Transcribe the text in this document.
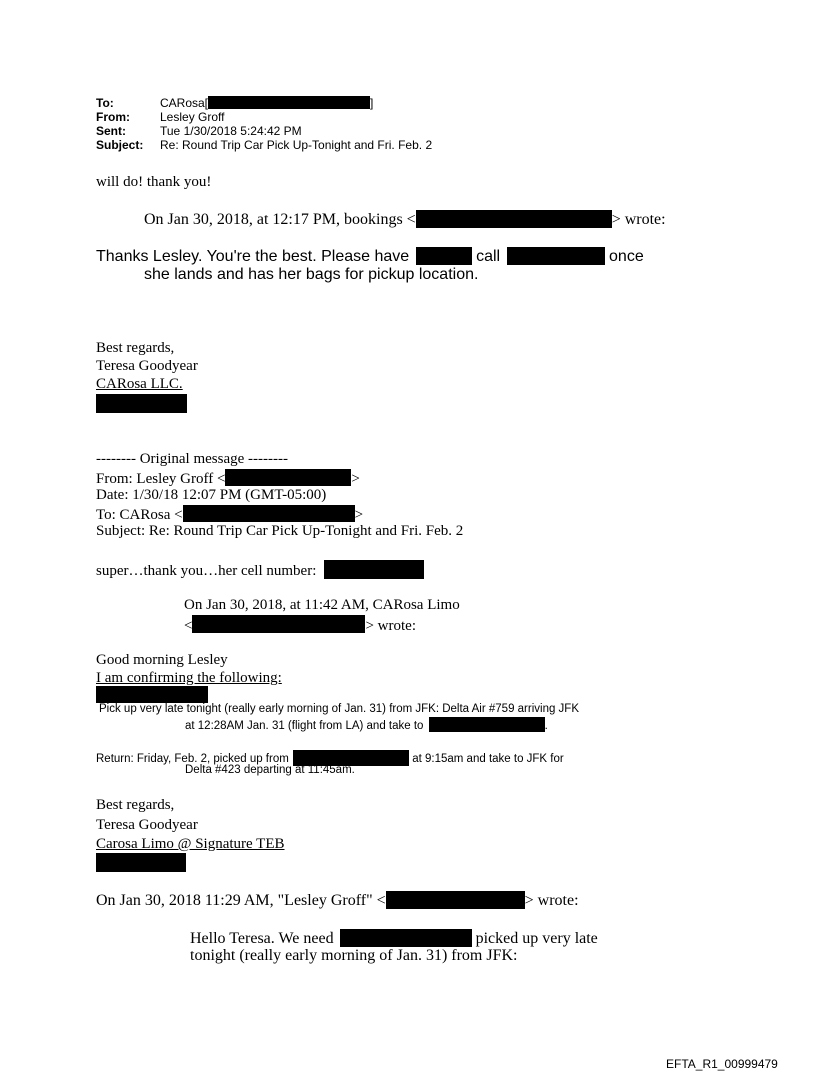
To:	CARosa[	]
From:	Lesley Groff
Sent:	Tue 1/30/2018 5:24:42 PM
Subject: Re: Round Trip Car Pick Up-Tonight and Fri. Feb. 2
will do! thank you!
On Jan 30, 2018, at 12:17 PM, bookings <	> wrote:
Thanks Lesley. You're the best. Please have	call	once
she lands and has her bags for pickup location.
Best regards,
Teresa Goodyear
CARosa LLC.
-------- Original message --------
From: Lesley Groff <	>
Date: 1/30/18 12:07 PM (GMT-05:00)
To: CARosa <	>
Subject: Re: Round Trip Car Pick Up-Tonight and Fri. Feb. 2
super…thank you…her cell number:
On Jan 30, 2018, at 11:42 AM, CARosa Limo
<	> wrote:
Good morning Lesley
I am confirming the following:
Pick up very late tonight (really early morning of Jan. 31) from JFK: Delta Air #759 arriving JFK
at 12:28AM Jan. 31 (flight from LA) and take to	.
Return: Friday, Feb. 2, picked up from	at 9:15am and take to JFK for
Delta #423 departing at 11:45am.
Best regards,
Teresa Goodyear
Carosa Limo @ Signature TEB
On Jan 30, 2018 11:29 AM, "Lesley Groff" <	> wrote:
Hello Teresa. We need	picked up very late
tonight (really early morning of Jan. 31) from JFK:
EFTA_R1_00999479
